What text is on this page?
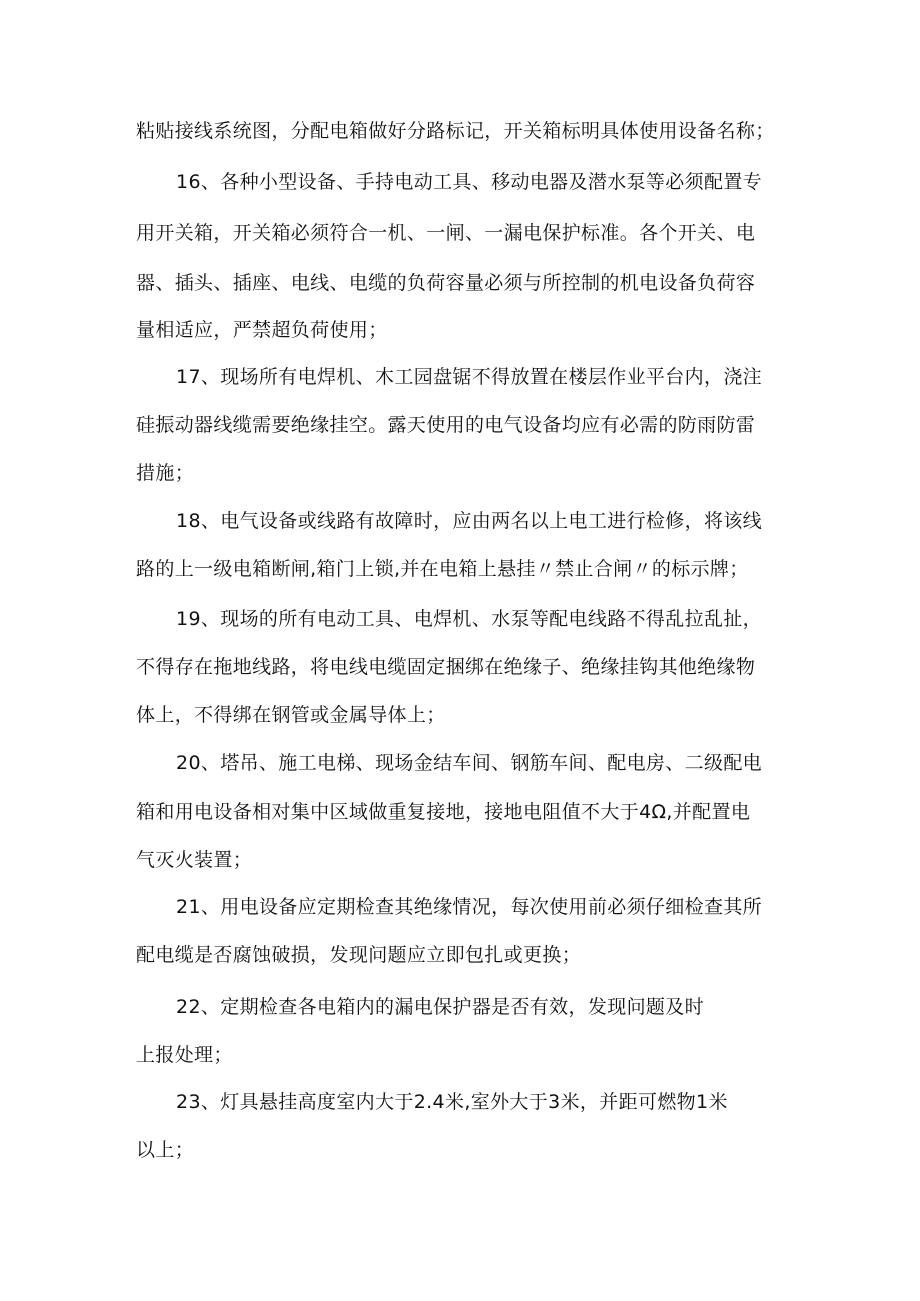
粘贴接线系统图，分配电箱做好分路标记，开关箱标明具体使用设备名称；
16、各种小型设备、手持电动工具、移动电器及潜水泵等必须配置专
用开关箱，开关箱必须符合一机、一闸、一漏电保护标准。各个开关、电
器、插头、插座、电线、电缆的负荷容量必须与所控制的机电设备负荷容
量相适应，严禁超负荷使用；
17、现场所有电焊机、木工园盘锯不得放置在楼层作业平台内，浇注
硅振动器线缆需要绝缘挂空。露天使用的电气设备均应有必需的防雨防雷
措施；
18、电气设备或线路有故障时，应由两名以上电工进行检修，将该线
路的上一级电箱断闸,箱门上锁,并在电箱上悬挂〃禁止合闸〃的标示牌；
19、现场的所有电动工具、电焊机、水泵等配电线路不得乱拉乱扯，
不得存在拖地线路，将电线电缆固定捆绑在绝缘子、绝缘挂钩其他绝缘物
体上，不得绑在钢管或金属导体上；
20、塔吊、施工电梯、现场金结车间、钢筋车间、配电房、二级配电
箱和用电设备相对集中区域做重复接地，接地电阻值不大于4Ω,并配置电
气灭火装置；
21、用电设备应定期检查其绝缘情况，每次使用前必须仔细检查其所
配电缆是否腐蚀破损，发现问题应立即包扎或更换；
22、定期检查各电箱内的漏电保护器是否有效，发现问题及时
上报处理；
23、灯具悬挂高度室内大于2.4米,室外大于3米，并距可燃物1米
以上；
